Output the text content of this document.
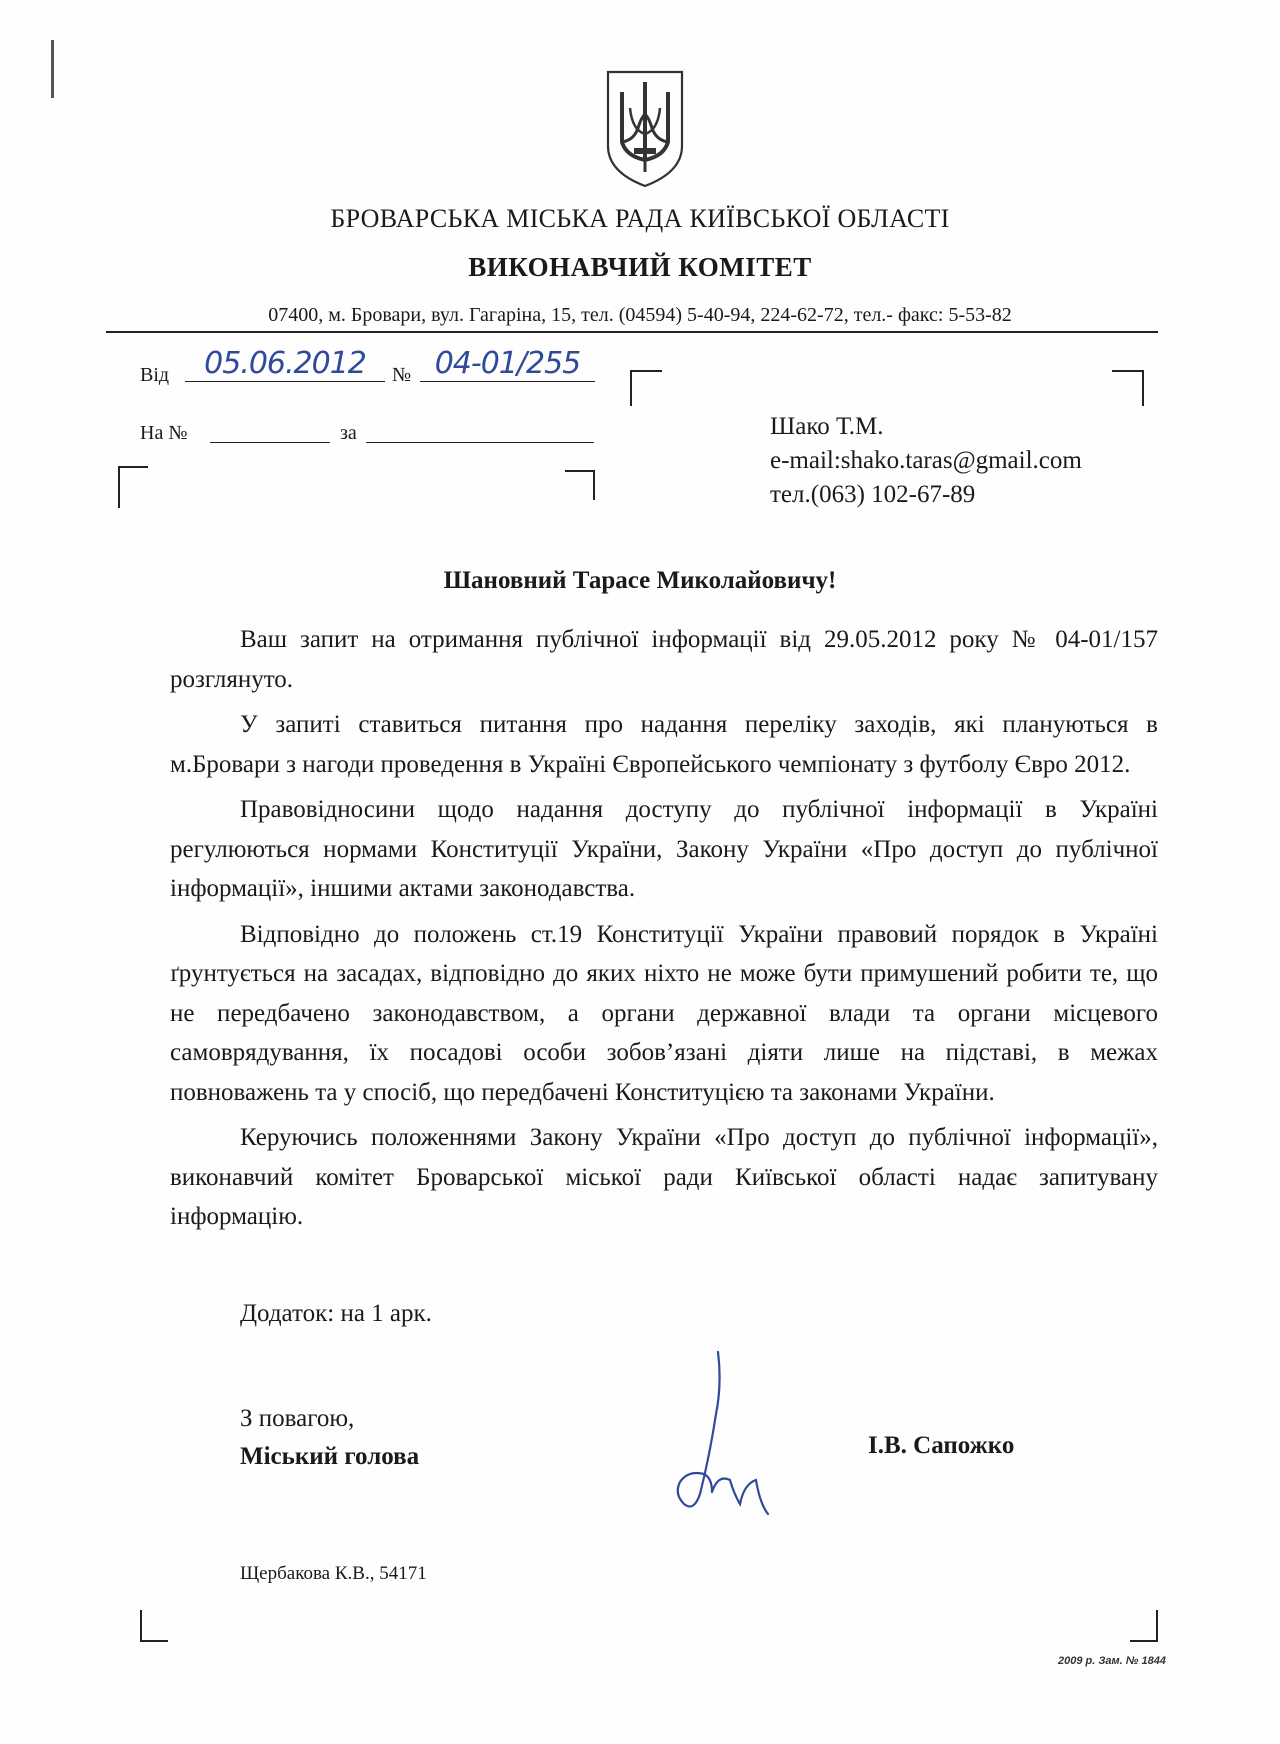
БРОВАРСЬКА МІСЬКА РАДА КИЇВСЬКОЇ ОБЛАСТІ
ВИКОНАВЧИЙ КОМІТЕТ
07400, м. Бровари, вул. Гагаріна, 15, тел. (04594) 5-40-94, 224-62-72, тел.- факс: 5-53-82
Від	05.06.2012	№ 04-01/255
На №	за	Шако Т.М.
e-mail:shako.taras@gmail.com
тел.(063) 102-67-89
Шановний Тарасе Миколайовичу!

Ваш запит на отримання публічної інформації від 29.05.2012 року № 04-01/157 розглянуто.

У запиті ставиться питання про надання переліку заходів, які плануються в м.Бровари з нагоди проведення в Україні Європейського чемпіонату з футболу Євро 2012.

Правовідносини щодо надання доступу до публічної інформації в Україні регулюються нормами Конституції України, Закону України «Про доступ до публічної інформації», іншими актами законодавства.

Відповідно до положень ст.19 Конституції України правовий порядок в Україні ґрунтується на засадах, відповідно до яких ніхто не може бути примушений робити те, що не передбачено законодавством, а органи державної влади та органи місцевого самоврядування, їх посадові особи зобов’язані діяти лише на підставі, в межах повноважень та у спосіб, що передбачені Конституцією та законами України.

Керуючись положеннями Закону України «Про доступ до публічної інформації», виконавчий комітет Броварської міської ради Київської області надає запитувану інформацію.

Додаток: на 1 арк.
З повагою,
Міський голова	І.В. Сапожко
Щербакова К.В., 54171
2009 р. Зам. № 1844
